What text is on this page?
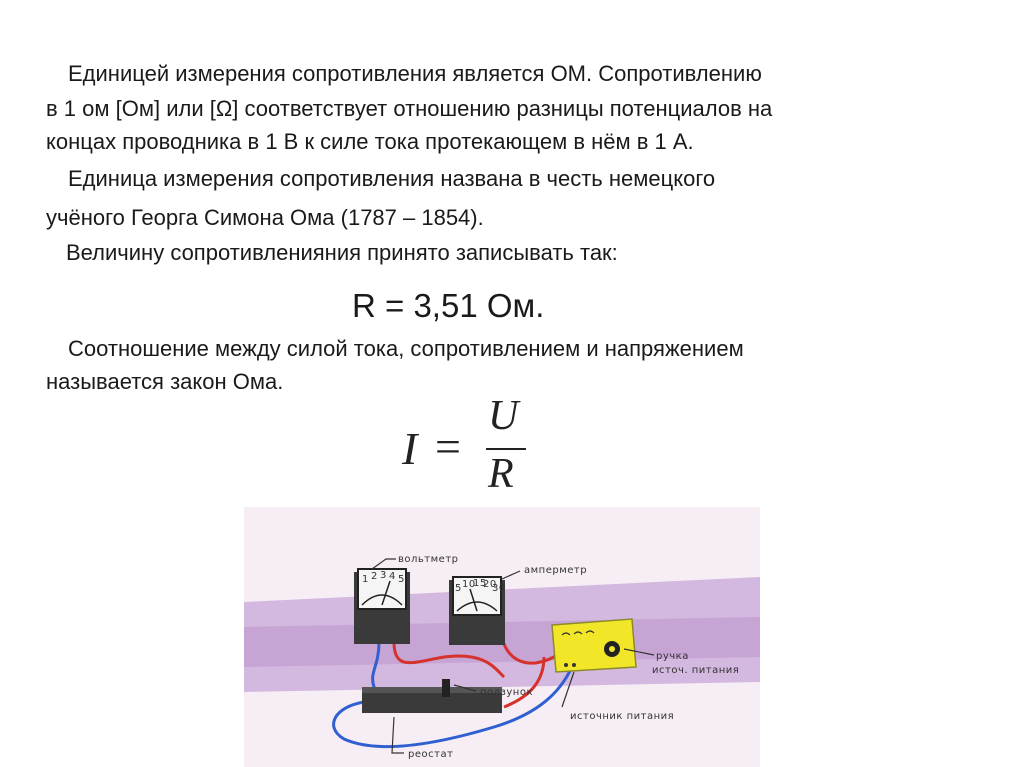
Единицей измерения сопротивления является ОМ. Сопротивлению
в 1 ом [Ом] или [Ω] соответствует отношению разницы потенциалов на
концах проводника в 1 В к силе тока протекающем в нём в 1 А.
Единица измерения сопротивления названа в честь немецкого
учёного Георга Симона Ома (1787 – 1854).
Величину сопротивленияния принято записывать так:
R = 3,51 Ом.
Соотношение между силой тока, сопротивлением и напряжением
называется закон Ома.
I =
U
R
1 2 3 4 5
5 10
15
20
30
вольтметр
амперметр
ручка
источ. питания
ползунок
источник питания
реостат
